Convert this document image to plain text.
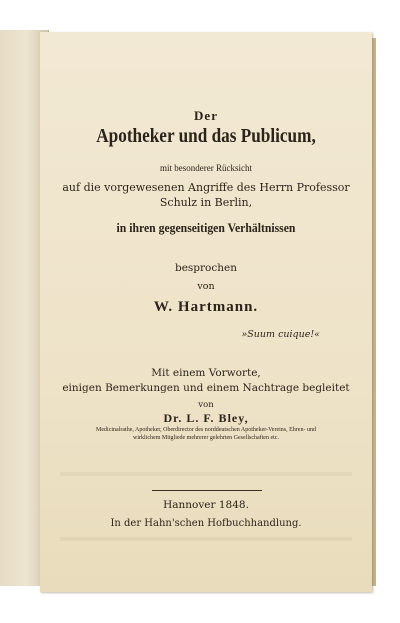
Der
Apotheker und das Publicum,
mit besonderer Rücksicht
auf die vorgewesenen Angriffe des Herrn Professor
Schulz in Berlin,
in ihren gegenseitigen Verhältnissen
besprochen
von
W. Hartmann.
»Suum cuique!«
Mit einem Vorworte,
einigen Bemerkungen und einem Nachtrage begleitet
von
Dr. L. F. Bley,
Medicinalrathe, Apotheker, Oberdirector des norddeutschen Apotheker-Vereins, Ehren- und
wirklichem Mitgliede mehrerer gelehrten Gesellschaften etc.
Hannover 1848.
In der Hahn'schen Hofbuchhandlung.
